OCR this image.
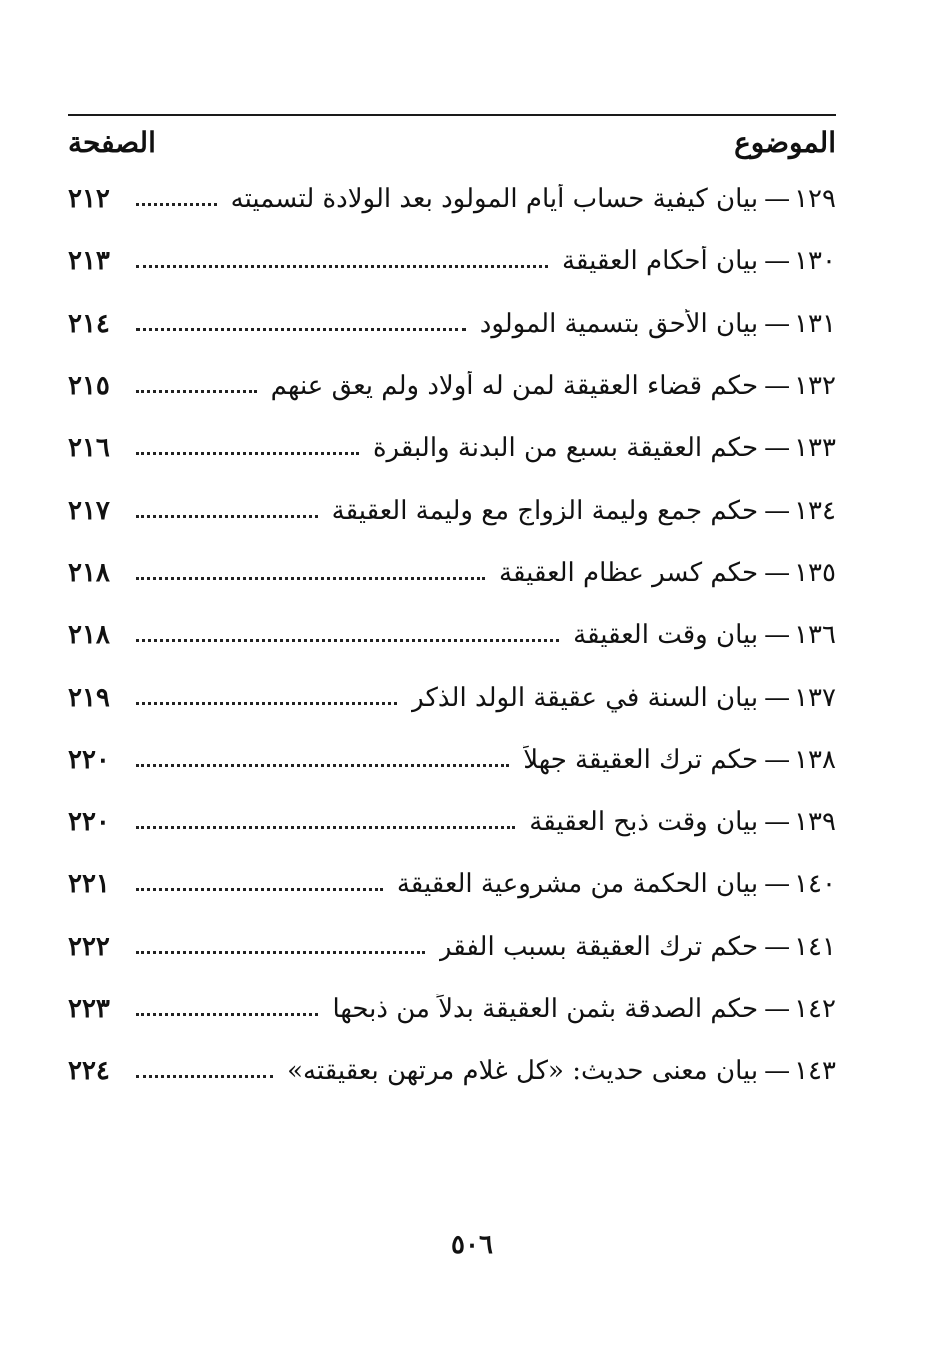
الموضوع
الصفحة
١٢٩
—
بيان كيفية حساب أيام المولود بعد الولادة لتسميته
٢١٢
١٣٠
—
بيان أحكام العقيقة
٢١٣
١٣١
—
بيان الأحق بتسمية المولود
٢١٤
١٣٢
—
حكم قضاء العقيقة لمن له أولاد ولم يعق عنهم
٢١٥
١٣٣
—
حكم العقيقة بسبع من البدنة والبقرة
٢١٦
١٣٤
—
حكم جمع وليمة الزواج مع وليمة العقيقة
٢١٧
١٣٥
—
حكم كسر عظام العقيقة
٢١٨
١٣٦
—
بيان وقت العقيقة
٢١٨
١٣٧
—
بيان السنة في عقيقة الولد الذكر
٢١٩
١٣٨
—
حكم ترك العقيقة جهلاً
٢٢٠
١٣٩
—
بيان وقت ذبح العقيقة
٢٢٠
١٤٠
—
بيان الحكمة من مشروعية العقيقة
٢٢١
١٤١
—
حكم ترك العقيقة بسبب الفقر
٢٢٢
١٤٢
—
حكم الصدقة بثمن العقيقة بدلاً من ذبحها
٢٢٣
١٤٣
—
بيان معنى حديث: «كل غلام مرتهن بعقيقته»
٢٢٤
٥٠٦
